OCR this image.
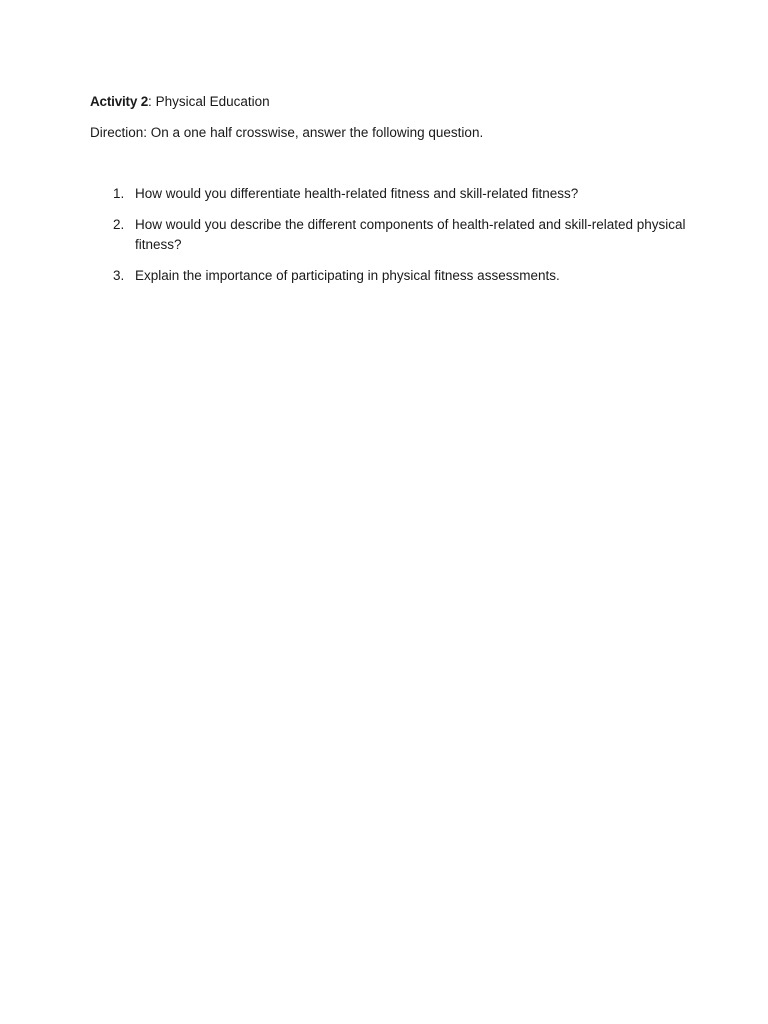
Activity 2: Physical Education

Direction: On a one half crosswise, answer the following question.

1. How would you differentiate health-related fitness and skill-related fitness?
2. How would you describe the different components of health-related and skill-related physical fitness?
3. Explain the importance of participating in physical fitness assessments.
